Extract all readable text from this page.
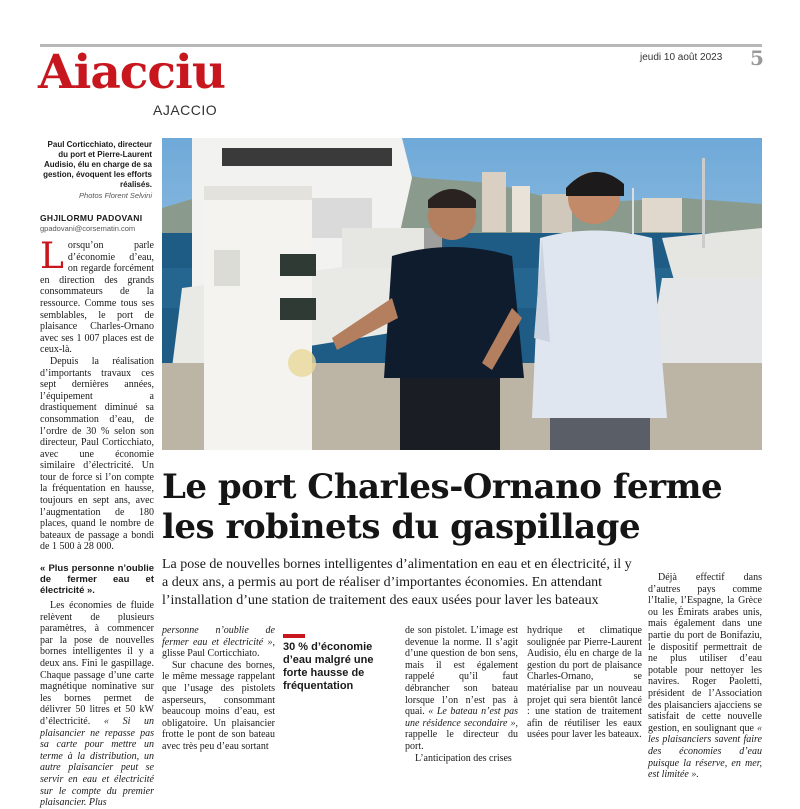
Aiacciu
AJACCIO
jeudi 10 août 2023 5
Paul Corticchiato, directeur du port et Pierre-Laurent Audisio, élu en charge de sa gestion, évoquent les efforts réalisés.
Photos Florent Selvini
GHJILORMU PADOVANI
gpadovani@corsematin.com

Lorsqu’on parle d’économie d’eau, on regarde forcément en direction des grands consommateurs de la ressource. Comme tous ses semblables, le port de plaisance Charles-Ornano avec ses 1 007 places est de ceux-là.

Depuis la réalisation d’importants travaux ces sept dernières années, l’équipement a drastiquement diminué sa consommation d’eau, de l’ordre de 30 % selon son directeur, Paul Corticchiato, avec une économie similaire d’électricité. Un tour de force si l’on compte la fréquentation en hausse, toujours en sept ans, avec l’augmentation de 180 places, quand le nombre de bateaux de passage a bondi de 1 500 à 28 000.

« Plus personne n’oublie de fermer eau et électricité ».

Les économies de fluide relèvent de plusieurs paramètres, à commencer par la pose de nouvelles bornes intelligentes il y a deux ans. Fini le gaspillage. Chaque passage d’une carte magnétique nominative sur les bornes permet de délivrer 50 litres et 50 kW d’électricité. « Si un plaisancier ne repasse pas sa carte pour mettre un terme à la distribution, un autre plaisancier peut se servir en eau et électricité sur le compte du premier plaisancier. Plus

Le port Charles-Ornano ferme les robinets du gaspillage
La pose de nouvelles bornes intelligentes d’alimentation en eau et en électricité, il y a deux ans, a permis au port de réaliser d’importantes économies. En attendant l’installation d’une station de traitement des eaux usées pour laver les bateaux

personne n’oublie de fermer eau et électricité », glisse Paul Corticchiato.

Sur chacune des bornes, le même message rappelant que l’usage des pistolets asperseurs, consommant beaucoup moins d’eau, est obligatoire. Un plaisancier frotte le pont de son bateau avec très peu d’eau sortant

30 % d’économie d’eau malgré une forte hausse de fréquentation

de son pistolet. L’image est devenue la norme. Il s’agit d’une question de bon sens, mais il est également rappelé qu’il faut débrancher son bateau lorsque l’on n’est pas à quai. « Le bateau n’est pas une résidence secondaire », rappelle le directeur du port.

L’anticipation des crises

hydrique et climatique soulignée par Pierre-Laurent Audisio, élu en charge de la gestion du port de plaisance Charles-Ornano, se matérialise par un nouveau projet qui sera bientôt lancé : une station de traitement afin de réutiliser les eaux usées pour laver les bateaux.

Déjà effectif dans d’autres pays comme l’Italie, l’Espagne, la Grèce ou les Émirats arabes unis, mais également dans une partie du port de Bonifaziu, le dispositif permettrait de ne plus utiliser d’eau potable pour nettoyer les navires. Roger Paoletti, président de l’Association des plaisanciers ajacciens se satisfait de cette nouvelle gestion, en soulignant que « les plaisanciers savent faire des économies d’eau puisque la réserve, en mer, est limitée ».
